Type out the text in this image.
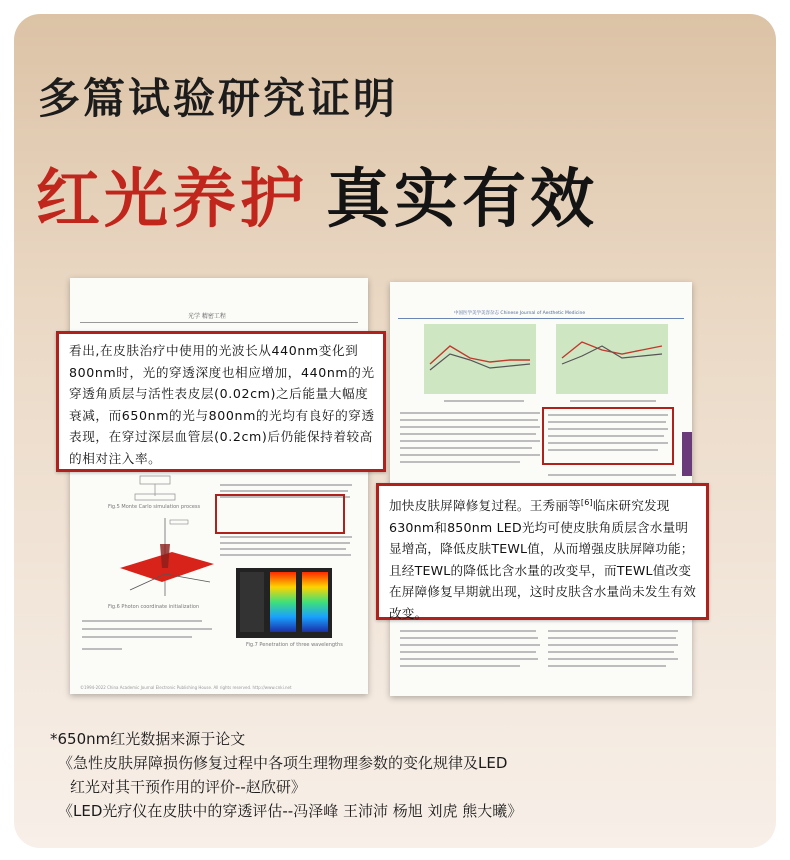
多篇试验研究证明
红光养护 真实有效
光学 精密工程
Fig.5 Monte Carlo simulation process
Fig.6 Photon coordinate initialization
Fig.7 Penetration of three wavelengths
©1994-2022 China Academic Journal Electronic Publishing House. All rights reserved. http://www.cnki.net
中国医学美学美容杂志 Chinese Journal of Aesthetic Medicine
看出,在皮肤治疗中使用的光波长从440nm变化到800nm时，光的穿透深度也相应增加，440nm的光穿透角质层与活性表皮层(0.02cm)之后能量大幅度衰减，而650nm的光与800nm的光均有良好的穿透表现，在穿过深层血管层(0.2cm)后仍能保持着较高的相对注入率。
加快皮肤屏障修复过程。王秀丽等[6]临床研究发现630nm和850nm LED光均可使皮肤角质层含水量明显增高，降低皮肤TEWL值，从而增强皮肤屏障功能；且经TEWL的降低比含水量的改变早，而TEWL值改变在屏障修复早期就出现，这时皮肤含水量尚未发生有效改变。
*650nm红光数据来源于论文
《急性皮肤屏障损伤修复过程中各项生理物理参数的变化规律及LED
红光对其干预作用的评价--赵欣研》
《LED光疗仪在皮肤中的穿透评估--冯泽峰 王沛沛 杨旭 刘虎 熊大曦》
